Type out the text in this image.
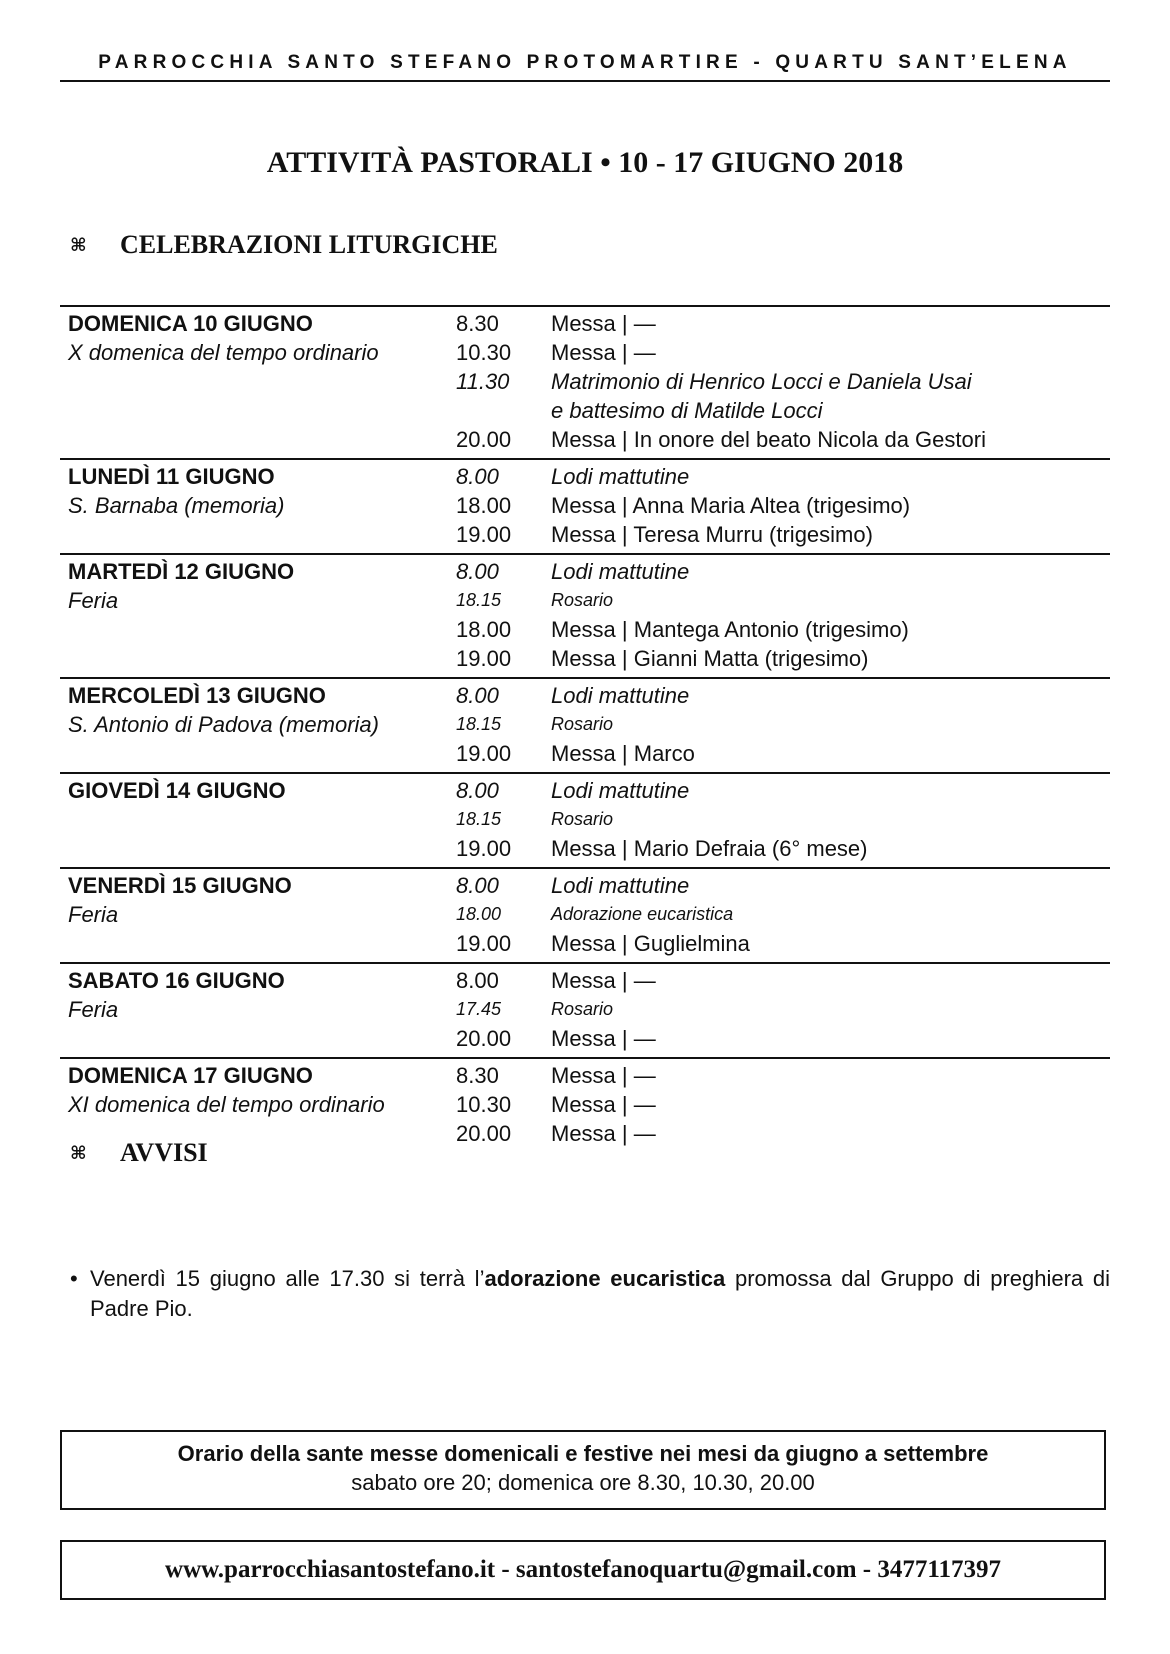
PARROCCHIA SANTO STEFANO PROTOMARTIRE - QUARTU SANT’ELENA
ATTIVITÀ PASTORALI • 10 - 17 GIUGNO 2018
⌘	CELEBRAZIONI LITURGICHE
DOMENICA 10 GIUGNO	8.30	Messa | —
X domenica del tempo ordinario	10.30	Messa | —
11.30	Matrimonio di Henrico Locci e Daniela Usai
e battesimo di Matilde Locci
20.00	Messa | In onore del beato Nicola da Gestori
LUNEDÌ 11 GIUGNO	8.00	Lodi mattutine
S. Barnaba (memoria)	18.00	Messa | Anna Maria Altea (trigesimo)
19.00	Messa | Teresa Murru (trigesimo)
MARTEDÌ 12 GIUGNO	8.00	Lodi mattutine
Feria	18.15	Rosario
18.00	Messa | Mantega Antonio (trigesimo)
19.00	Messa | Gianni Matta (trigesimo)
MERCOLEDÌ 13 GIUGNO	8.00	Lodi mattutine
S. Antonio di Padova (memoria)	18.15	Rosario
19.00	Messa | Marco
GIOVEDÌ 14 GIUGNO	8.00	Lodi mattutine
18.15	Rosario
19.00	Messa | Mario Defraia (6° mese)
VENERDÌ 15 GIUGNO	8.00	Lodi mattutine
Feria	18.00	Adorazione eucaristica
19.00	Messa | Guglielmina
SABATO 16 GIUGNO	8.00	Messa | —
Feria	17.45	Rosario
20.00	Messa | —
DOMENICA 17 GIUGNO	8.30	Messa | —
XI domenica del tempo ordinario	10.30	Messa | —
20.00	Messa | —
⌘	AVVISI
• Venerdì 15 giugno alle 17.30 si terrà l’adorazione eucaristica promossa dal Gruppo di preghiera di Padre Pio.
Orario della sante messe domenicali e festive nei mesi da giugno a settembre
sabato ore 20; domenica ore 8.30, 10.30, 20.00
www.parrocchiasantostefano.it - santostefanoquartu@gmail.com - 3477117397
